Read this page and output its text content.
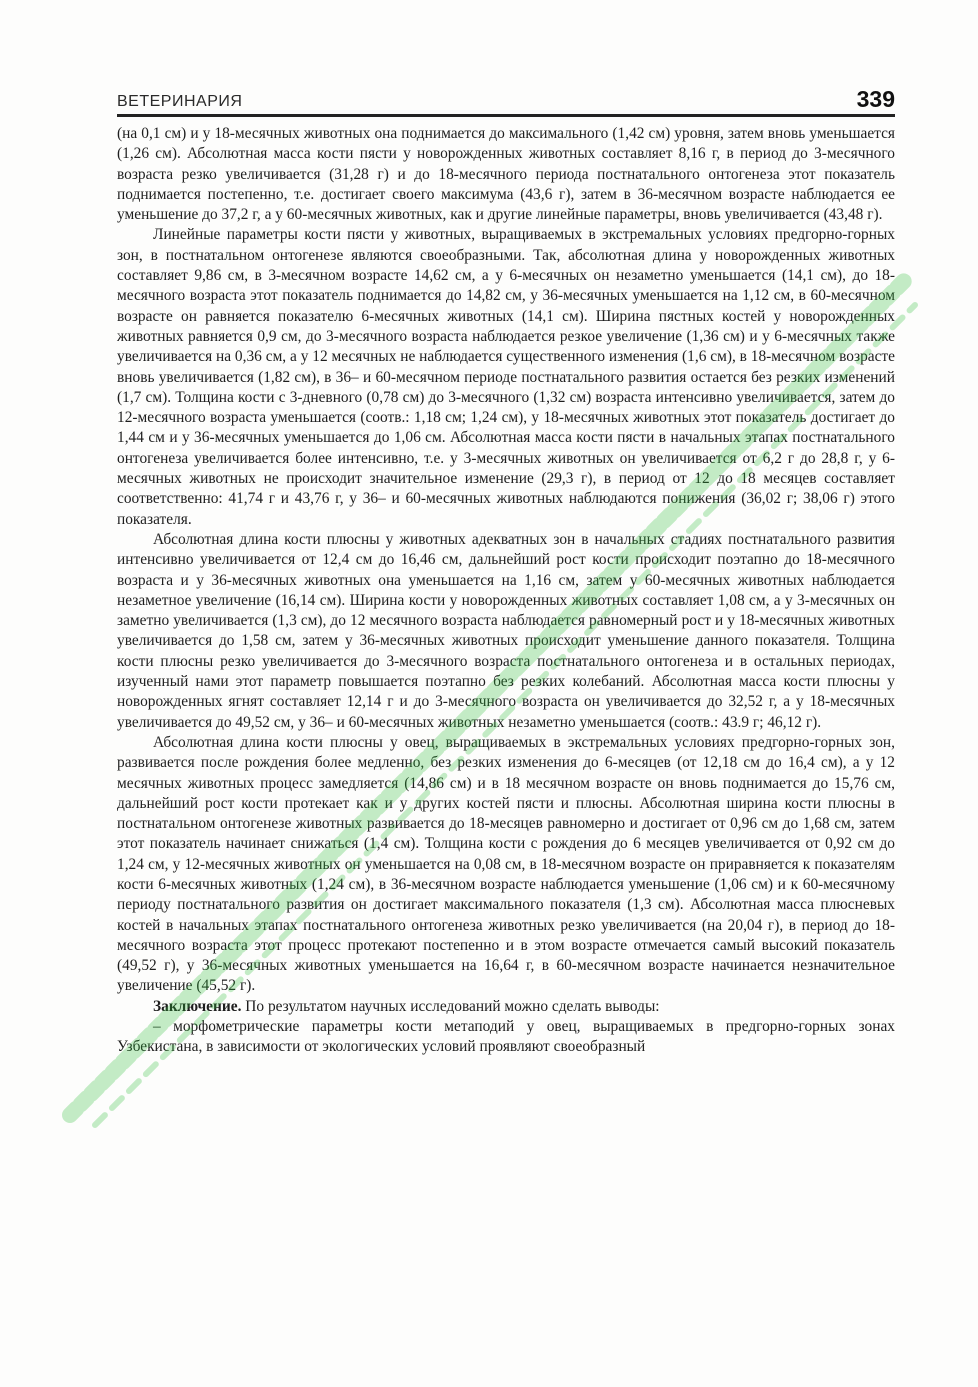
ВЕТЕРИНАРИЯ	339

(на 0,1 см) и у 18-месячных животных она поднимается до максимального (1,42 см) уровня, затем вновь уменьшается (1,26 см). Абсолютная масса кости пясти у новорожденных животных составляет 8,16 г, в период до 3-месячного возраста резко увеличивается (31,28 г) и до 18-месячного периода постнатального онтогенеза этот показатель поднимается постепенно, т.е. достигает своего максимума (43,6 г), затем в 36-месячном возрасте наблюдается ее уменьшение до 37,2 г, а у 60-месячных животных, как и другие линейные параметры, вновь увеличивается (43,48 г).

Линейные параметры кости пясти у животных, выращиваемых в экстремальных условиях предгорно-горных зон, в постнатальном онтогенезе являются своеобразными. Так, абсолютная длина у новорожденных животных составляет 9,86 см, в 3-месячном возрасте 14,62 см, а у 6-месячных он незаметно уменьшается (14,1 см), до 18-месячного возраста этот показатель поднимается до 14,82 см, у 36-месячных уменьшается на 1,12 см, в 60-месячном возрасте он равняется показателю 6-месячных животных (14,1 см). Ширина пястных костей у новорожденных животных равняется 0,9 см, до 3-месячного возраста наблюдается резкое увеличение (1,36 см) и у 6-месячных также увеличивается на 0,36 см, а у 12 месячных не наблюдается существенного изменения (1,6 см), в 18-месячном возрасте вновь увеличивается (1,82 см), в 36– и 60-месячном периоде постнатального развития остается без резких изменений (1,7 см). Толщина кости с 3-дневного (0,78 см) до 3-месячного (1,32 см) возраста интенсивно увеличивается, затем до 12-месячного возраста уменьшается (соотв.: 1,18 см; 1,24 см), у 18-месячных животных этот показатель достигает до 1,44 см и у 36-месячных уменьшается до 1,06 см. Абсолютная масса кости пясти в начальных этапах постнатального онтогенеза увеличивается более интенсивно, т.е. у 3-месячных животных он увеличивается от 6,2 г до 28,8 г, у 6-месячных животных не происходит значительное изменение (29,3 г), в период от 12 до 18 месяцев составляет соответственно: 41,74 г и 43,76 г, у 36– и 60-месячных животных наблюдаются понижения (36,02 г; 38,06 г) этого показателя.

Абсолютная длина кости плюсны у животных адекватных зон в начальных стадиях постнатального развития интенсивно увеличивается от 12,4 см до 16,46 см, дальнейший рост кости происходит поэтапно до 18-месячного возраста и у 36-месячных животных она уменьшается на 1,16 см, затем у 60-месячных животных наблюдается незаметное увеличение (16,14 см). Ширина кости у новорожденных животных составляет 1,08 см, а у 3-месячных он заметно увеличивается (1,3 см), до 12 месячного возраста наблюдается равномерный рост и у 18-месячных животных увеличивается до 1,58 см, затем у 36-месячных животных происходит уменьшение данного показателя. Толщина кости плюсны резко увеличивается до 3-месячного возраста постнатального онтогенеза и в остальных периодах, изученный нами этот параметр повышается поэтапно без резких колебаний. Абсолютная масса кости плюсны у новорожденных ягнят составляет 12,14 г и до 3-месячного возраста он увеличивается до 32,52 г, а у 18-месячных увеличивается до 49,52 см, у 36– и 60-месячных животных незаметно уменьшается (соотв.: 43.9 г; 46,12 г).

Абсолютная длина кости плюсны у овец, выращиваемых в экстремальных условиях предгорно-горных зон, развивается после рождения более медленно, без резких изменения до 6-месяцев (от 12,18 см до 16,4 см), а у 12 месячных животных процесс замедляется (14,86 см) и в 18 месячном возрасте он вновь поднимается до 15,76 см, дальнейший рост кости протекает как и у других костей пясти и плюсны. Абсолютная ширина кости плюсны в постнатальном онтогенезе животных развивается до 18-месяцев равномерно и достигает от 0,96 см до 1,68 см, затем этот показатель начинает снижаться (1,4 см). Толщина кости с рождения до 6 месяцев увеличивается от 0,92 см до 1,24 см, у 12-месячных животных он уменьшается на 0,08 см, в 18-месячном возрасте он приравняется к показателям кости 6-месячных животных (1,24 см), в 36-месячном возрасте наблюдается уменьшение (1,06 см) и к 60-месячному периоду постнатального развития он достигает максимального показателя (1,3 см). Абсолютная масса плюсневых костей в начальных этапах постнатального онтогенеза животных резко увеличивается (на 20,04 г), в период до 18-месячного возраста этот процесс протекают постепенно и в этом возрасте отмечается самый высокий показатель (49,52 г), у 36-месячных животных уменьшается на 16,64 г, в 60-месячном возрасте начинается незначительное увеличение (45,52 г).

Заключение. По результатом научных исследований можно сделать выводы:

– морфометрические параметры кости метаподий у овец, выращиваемых в предгорно-горных зонах Узбекистана, в зависимости от экологических условий проявляют своеобразный
